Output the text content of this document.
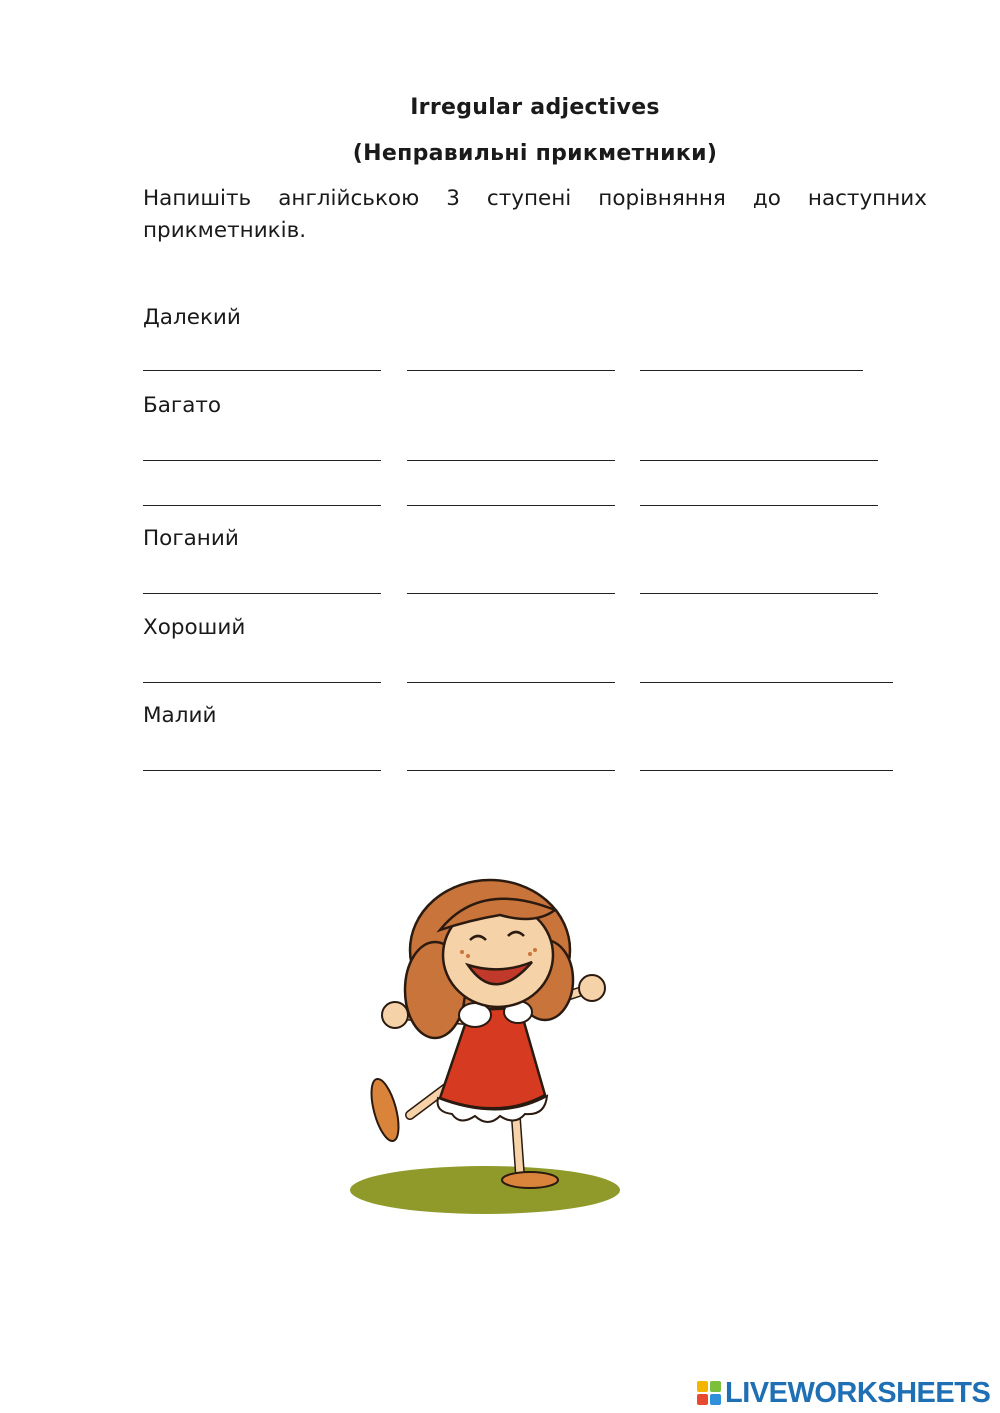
Irregular adjectives
(Неправильні прикметники)
Напишіть англійською 3 ступені порівняння до наступних прикметників.
Далекий
Багато
Поганий
Хороший
Малий
LIVEWORKSHEETS
